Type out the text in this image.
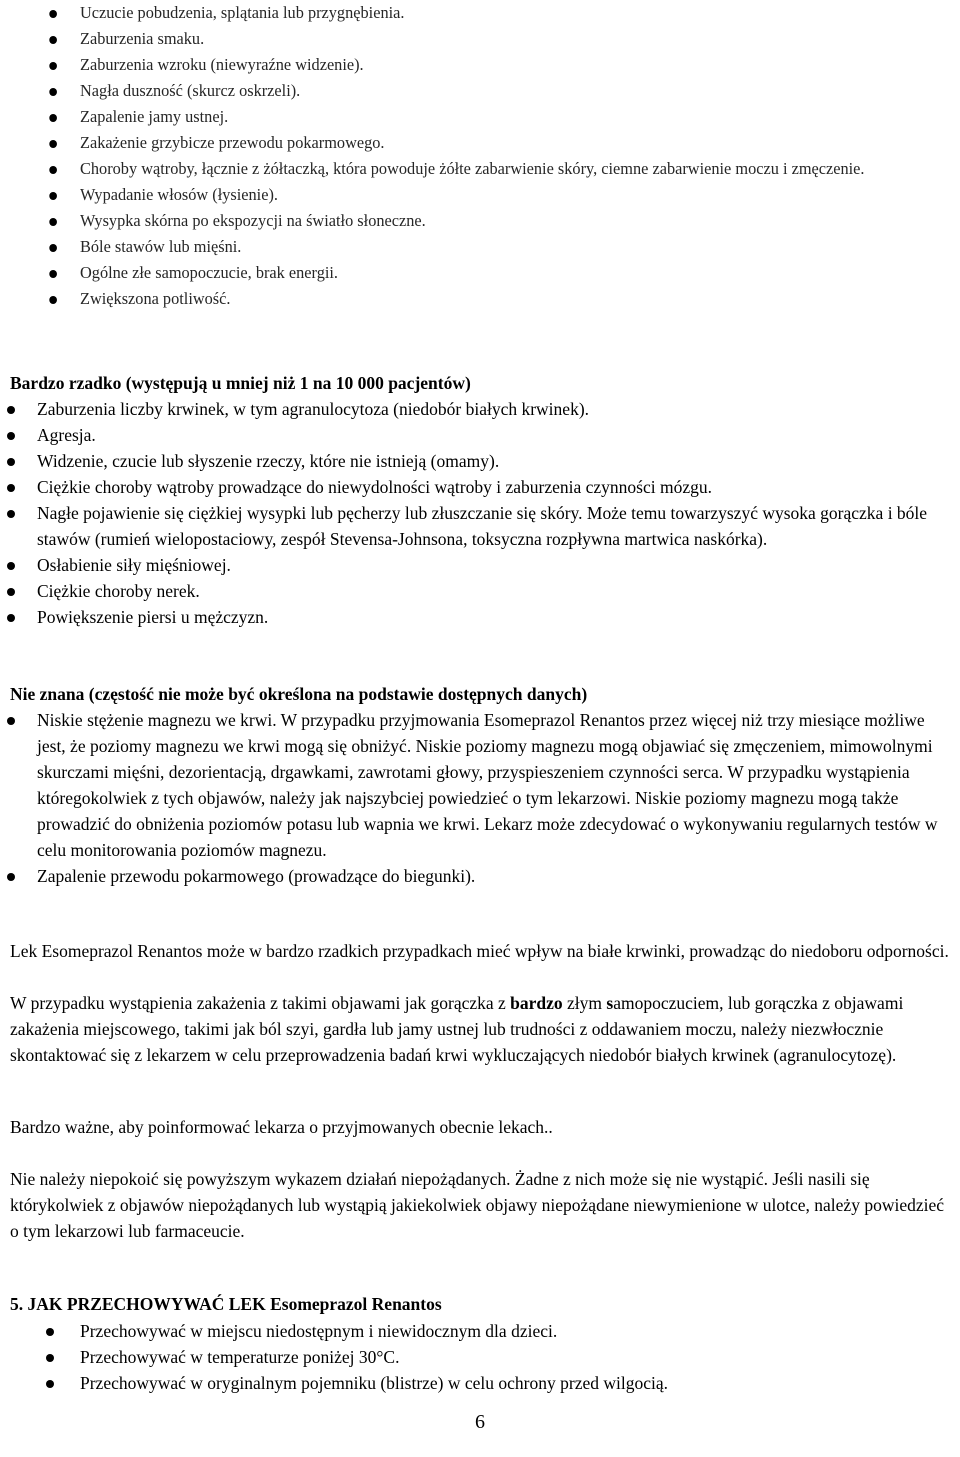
Uczucie pobudzenia, splątania lub przygnębienia.
Zaburzenia smaku.
Zaburzenia wzroku (niewyraźne widzenie).
Nagła duszność (skurcz oskrzeli).
Zapalenie jamy ustnej.
Zakażenie grzybicze przewodu pokarmowego.
Choroby wątroby, łącznie z żółtaczką, która powoduje żółte zabarwienie skóry, ciemne zabarwienie moczu i zmęczenie.
Wypadanie włosów (łysienie).
Wysypka skórna po ekspozycji na światło słoneczne.
Bóle stawów lub mięśni.
Ogólne złe samopoczucie, brak energii.
Zwiększona potliwość.
Bardzo rzadko (występują u mniej niż 1 na 10 000 pacjentów)
Zaburzenia liczby krwinek, w tym agranulocytoza (niedobór białych krwinek).
Agresja.
Widzenie, czucie lub słyszenie rzeczy, które nie istnieją (omamy).
Ciężkie choroby wątroby prowadzące do niewydolności wątroby i zaburzenia czynności mózgu.
Nagłe pojawienie się ciężkiej wysypki lub pęcherzy lub złuszczanie się skóry. Może temu towarzyszyć wysoka gorączka i bóle stawów (rumień wielopostaciowy, zespół Stevensa-Johnsona, toksyczna rozpływna martwica naskórka).
Osłabienie siły mięśniowej.
Ciężkie choroby nerek.
Powiększenie piersi u mężczyzn.
Nie znana (częstość nie może być określona na podstawie dostępnych danych)
Niskie stężenie magnezu we krwi. W przypadku przyjmowania Esomeprazol Renantos przez więcej niż trzy miesiące możliwe jest, że poziomy magnezu we krwi mogą się obniżyć. Niskie poziomy magnezu mogą objawiać się zmęczeniem, mimowolnymi skurczami mięśni, dezorientacją, drgawkami, zawrotami głowy, przyspieszeniem czynności serca. W przypadku wystąpienia któregokolwiek z tych objawów, należy jak najszybciej powiedzieć o tym lekarzowi. Niskie poziomy magnezu mogą także prowadzić do obniżenia poziomów potasu lub wapnia we krwi. Lekarz może zdecydować o wykonywaniu regularnych testów w celu monitorowania poziomów magnezu.
Zapalenie przewodu pokarmowego (prowadzące do biegunki).

Lek Esomeprazol Renantos może w bardzo rzadkich przypadkach mieć wpływ na białe krwinki, prowadząc do niedoboru odporności.

W przypadku wystąpienia zakażenia z takimi objawami jak gorączka z bardzo złym samopoczuciem, lub gorączka z objawami zakażenia miejscowego, takimi jak ból szyi, gardła lub jamy ustnej lub trudności z oddawaniem moczu, należy niezwłocznie skontaktować się z lekarzem w celu przeprowadzenia badań krwi wykluczających niedobór białych krwinek (agranulocytozę).

Bardzo ważne, aby poinformować lekarza o przyjmowanych obecnie lekach..

Nie należy niepokoić się powyższym wykazem działań niepożądanych. Żadne z nich może się nie wystąpić. Jeśli nasili się którykolwiek z objawów niepożądanych lub wystąpią jakiekolwiek objawy niepożądane niewymienione w ulotce, należy powiedzieć o tym lekarzowi lub farmaceucie.

5. JAK PRZECHOWYWAĆ LEK Esomeprazol Renantos
Przechowywać w miejscu niedostępnym i niewidocznym dla dzieci.
Przechowywać w temperaturze poniżej 30°C.
Przechowywać w oryginalnym pojemniku (blistrze) w celu ochrony przed wilgocią.
6
